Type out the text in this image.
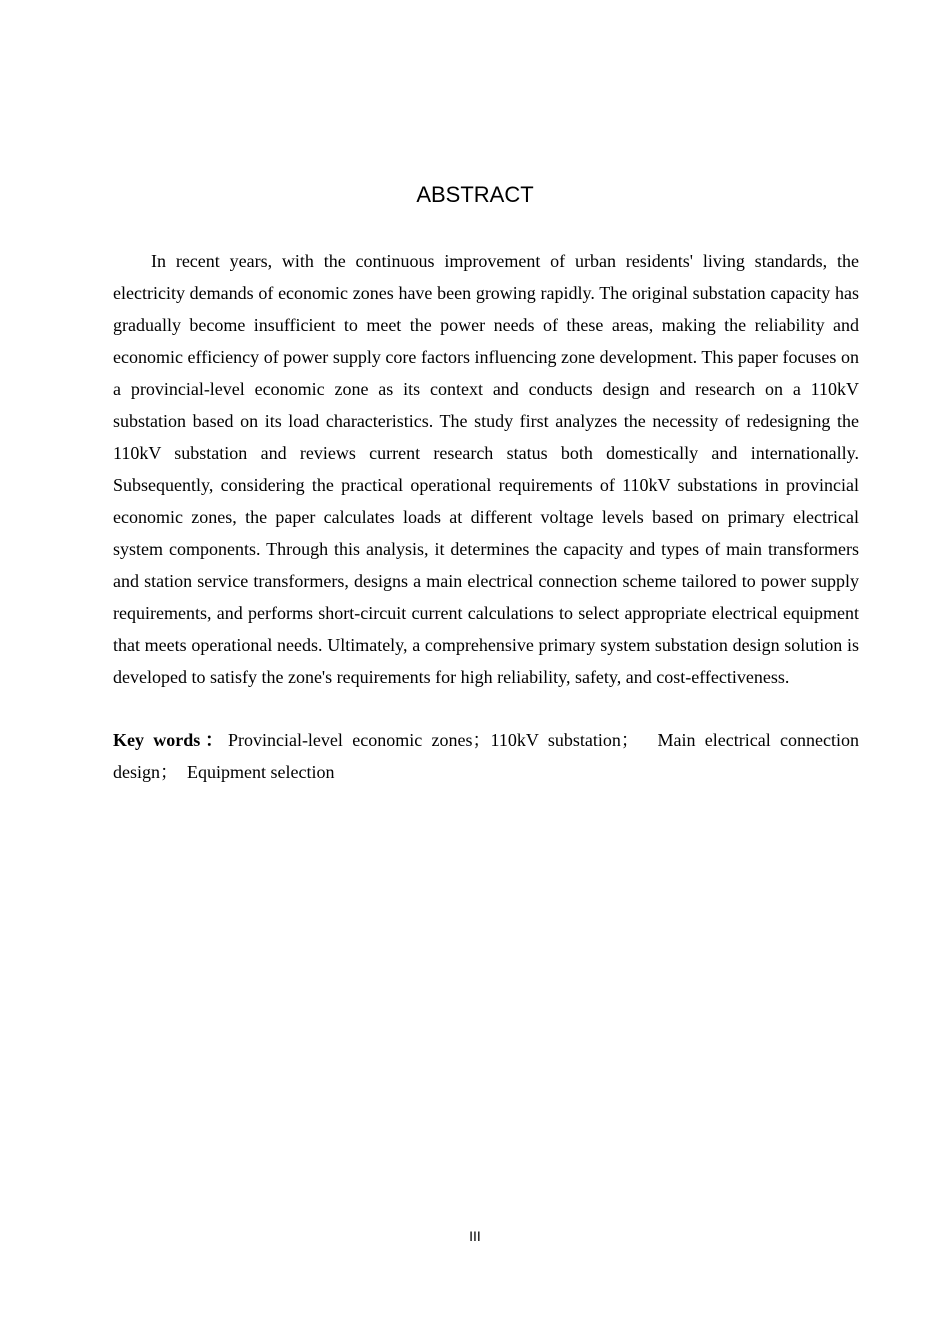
ABSTRACT

In recent years, with the continuous improvement of urban residents' living standards, the electricity demands of economic zones have been growing rapidly. The original substation capacity has gradually become insufficient to meet the power needs of these areas, making the reliability and economic efficiency of power supply core factors influencing zone development. This paper focuses on a provincial-level economic zone as its context and conducts design and research on a 110kV substation based on its load characteristics. The study first analyzes the necessity of redesigning the 110kV substation and reviews current research status both domestically and internationally. Subsequently, considering the practical operational requirements of 110kV substations in provincial economic zones, the paper calculates loads at different voltage levels based on primary electrical system components. Through this analysis, it determines the capacity and types of main transformers and station service transformers, designs a main electrical connection scheme tailored to power supply requirements, and performs short-circuit current calculations to select appropriate electrical equipment that meets operational needs. Ultimately, a comprehensive primary system substation design solution is developed to satisfy the zone's requirements for high reliability, safety, and cost-effectiveness.

Key words：Provincial-level economic zones；110kV substation；　Main electrical connection design；　Equipment selection

III
